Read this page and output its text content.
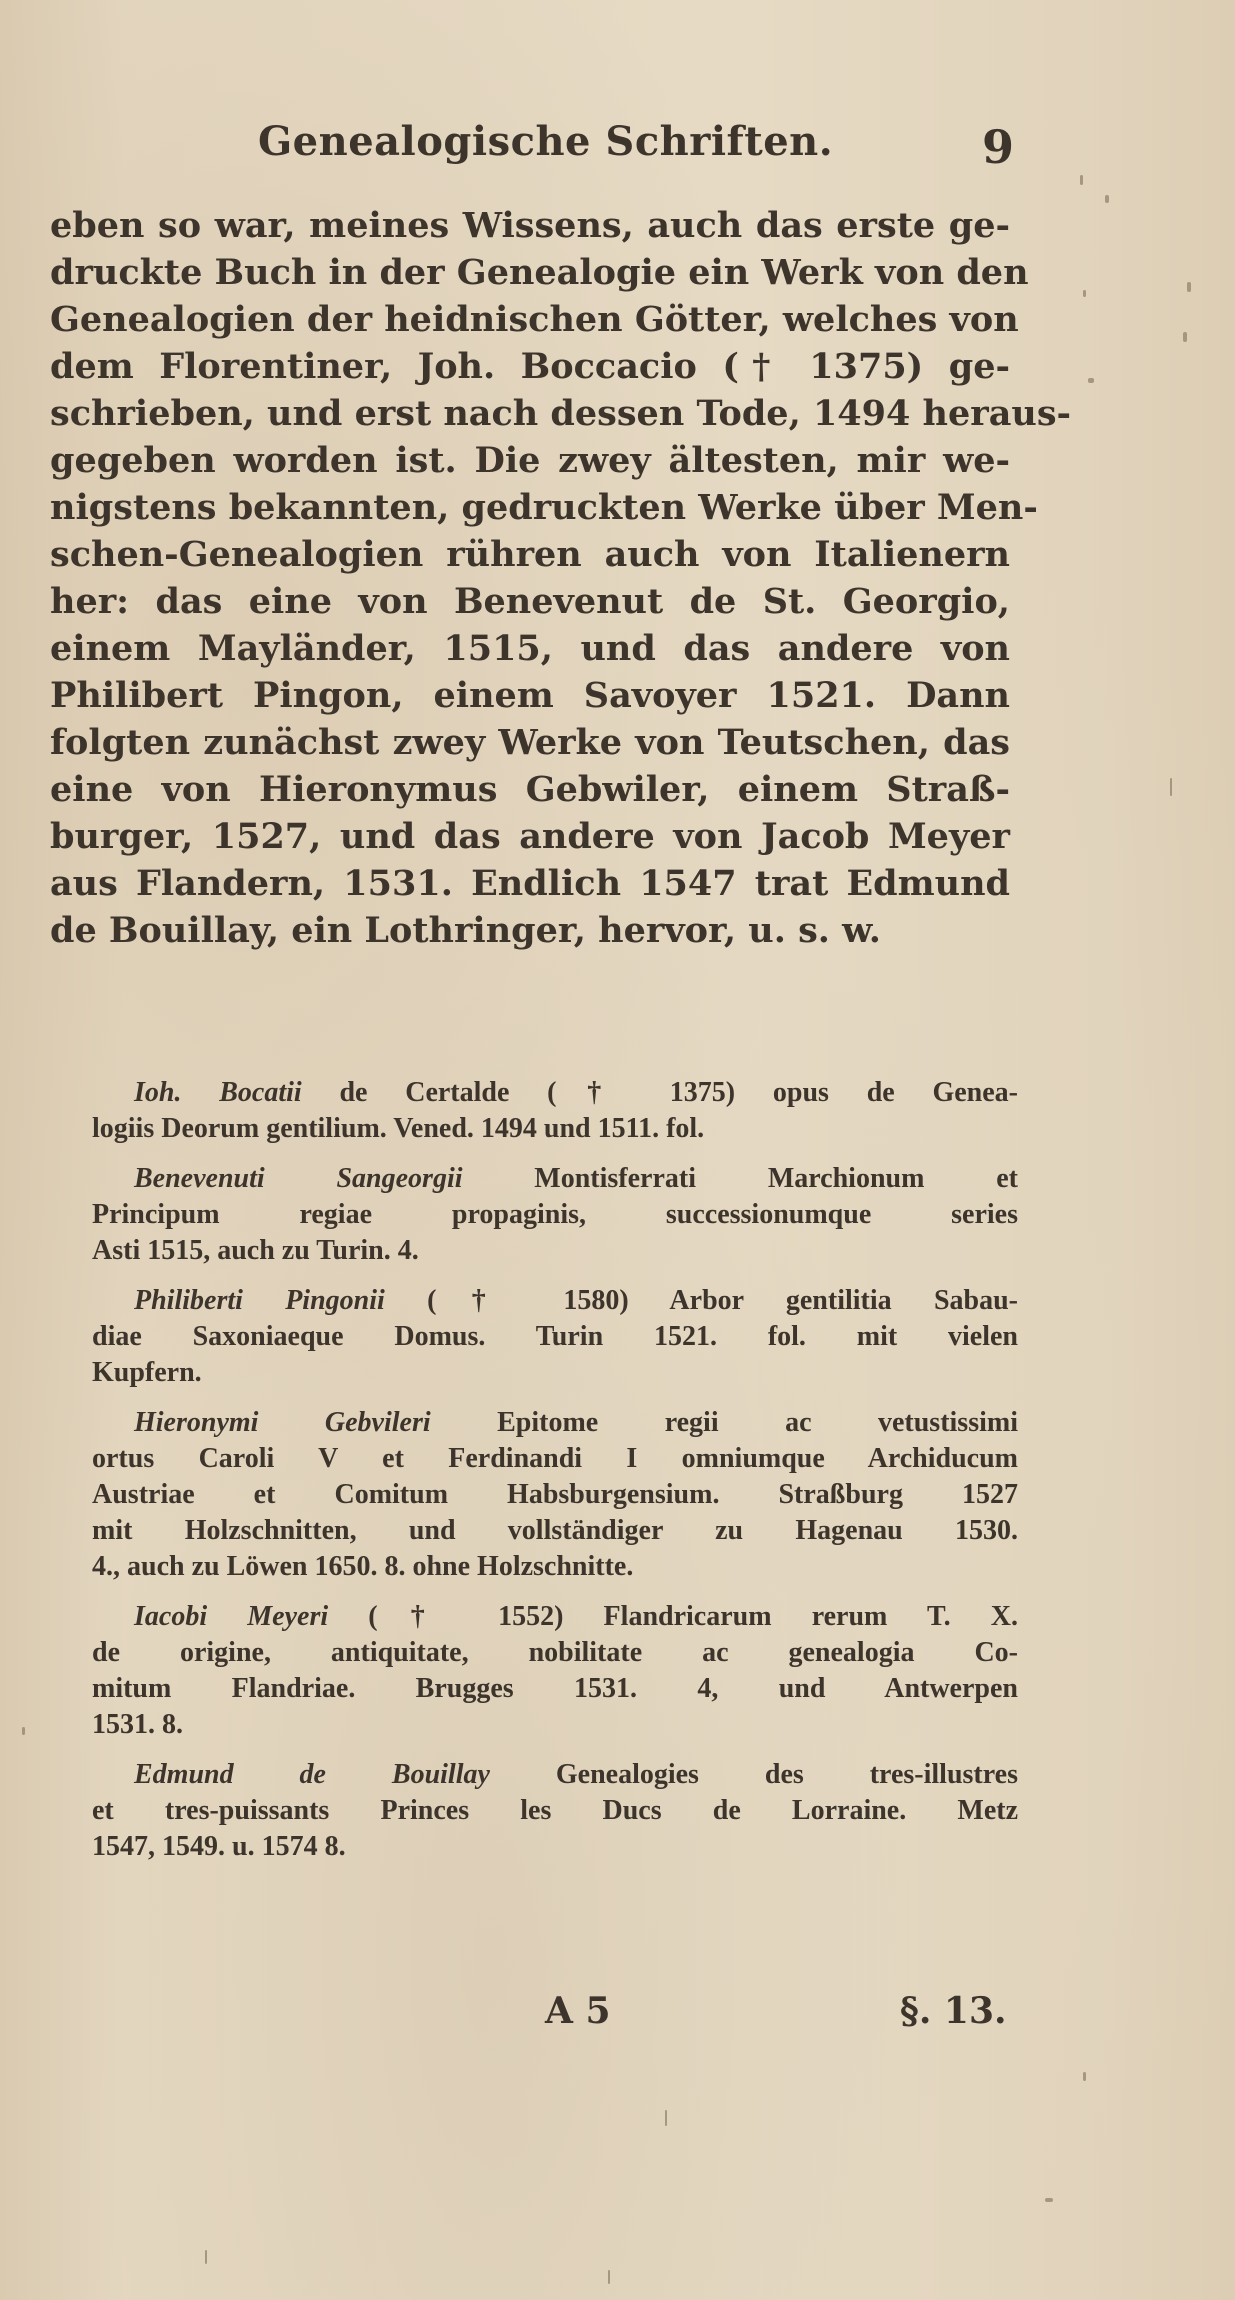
Genealogische Schriften.	9
eben so war, meines Wissens, auch das erste ge-
druckte Buch in der Genealogie ein Werk von den
Genealogien der heidnischen Götter, welches von
dem Florentiner, Joh. Boccacio († 1375) ge-
schrieben, und erst nach dessen Tode, 1494 heraus-
gegeben worden ist. Die zwey ältesten, mir we-
nigstens bekannten, gedruckten Werke über Men-
schen-Genealogien rühren auch von Italienern
her: das eine von Benevenut de St. Georgio,
einem Mayländer, 1515, und das andere von
Philibert Pingon, einem Savoyer 1521. Dann
folgten zunächst zwey Werke von Teutschen, das
eine von Hieronymus Gebwiler, einem Straß-
burger, 1527, und das andere von Jacob Meyer
aus Flandern, 1531. Endlich 1547 trat Edmund
de Bouillay, ein Lothringer, hervor, u. s. w.
Ioh. Bocatii de Certalde († 1375) opus de Genea-
logiis Deorum gentilium. Vened. 1494 und 1511. fol.
Benevenuti Sangeorgii Montisferrati Marchionum et
Principum regiae propaginis, successionumque series
Asti 1515, auch zu Turin. 4.
Philiberti Pingonii († 1580) Arbor gentilitia Sabau-
diae Saxoniaeque Domus. Turin 1521. fol. mit vielen
Kupfern.
Hieronymi Gebvileri Epitome regii ac vetustissimi
ortus Caroli V et Ferdinandi I omniumque Archiducum
Austriae et Comitum Habsburgensium. Straßburg 1527
mit Holzschnitten, und vollständiger zu Hagenau 1530.
4., auch zu Löwen 1650. 8. ohne Holzschnitte.
Iacobi Meyeri († 1552) Flandricarum rerum T. X.
de origine, antiquitate, nobilitate ac genealogia Co-
mitum Flandriae. Brugges 1531. 4, und Antwerpen
1531. 8.
Edmund de Bouillay Genealogies des tres-illustres
et tres-puissants Princes les Ducs de Lorraine. Metz
1547, 1549. u. 1574 8.
A 5	§. 13.
